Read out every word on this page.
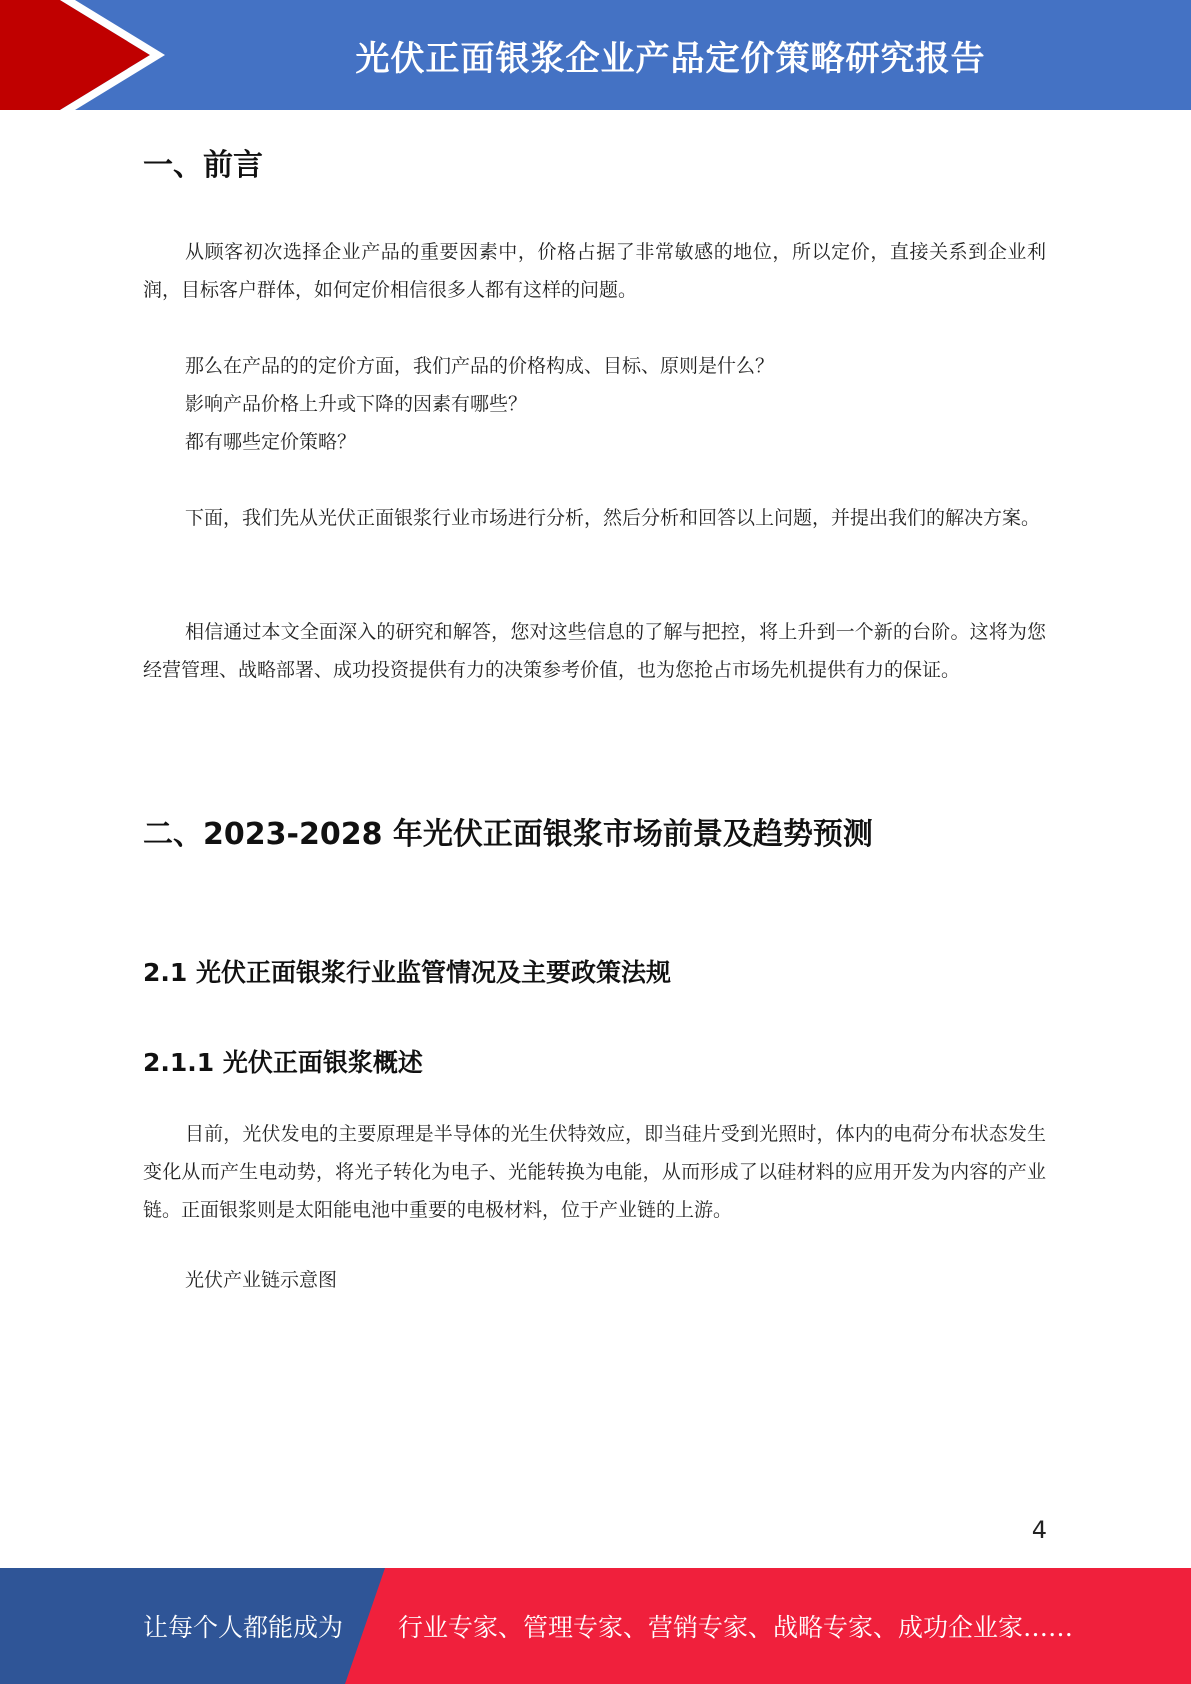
光伏正面银浆企业产品定价策略研究报告
一、前言

从顾客初次选择企业产品的重要因素中，价格占据了非常敏感的地位，所以定价，直接关系到企业利润，目标客户群体，如何定价相信很多人都有这样的问题。

那么在产品的的定价方面，我们产品的价格构成、目标、原则是什么？
影响产品价格上升或下降的因素有哪些？
都有哪些定价策略？

下面，我们先从光伏正面银浆行业市场进行分析，然后分析和回答以上问题，并提出我们的解决方案。

相信通过本文全面深入的研究和解答，您对这些信息的了解与把控，将上升到一个新的台阶。这将为您经营管理、战略部署、成功投资提供有力的决策参考价值，也为您抢占市场先机提供有力的保证。

二、2023-2028 年光伏正面银浆市场前景及趋势预测
2.1 光伏正面银浆行业监管情况及主要政策法规
2.1.1 光伏正面银浆概述

目前，光伏发电的主要原理是半导体的光生伏特效应，即当硅片受到光照时，体内的电荷分布状态发生变化从而产生电动势，将光子转化为电子、光能转换为电能，从而形成了以硅材料的应用开发为内容的产业链。正面银浆则是太阳能电池中重要的电极材料，位于产业链的上游。

光伏产业链示意图
4
让每个人都能成为 行业专家、管理专家、营销专家、战略专家、成功企业家……
